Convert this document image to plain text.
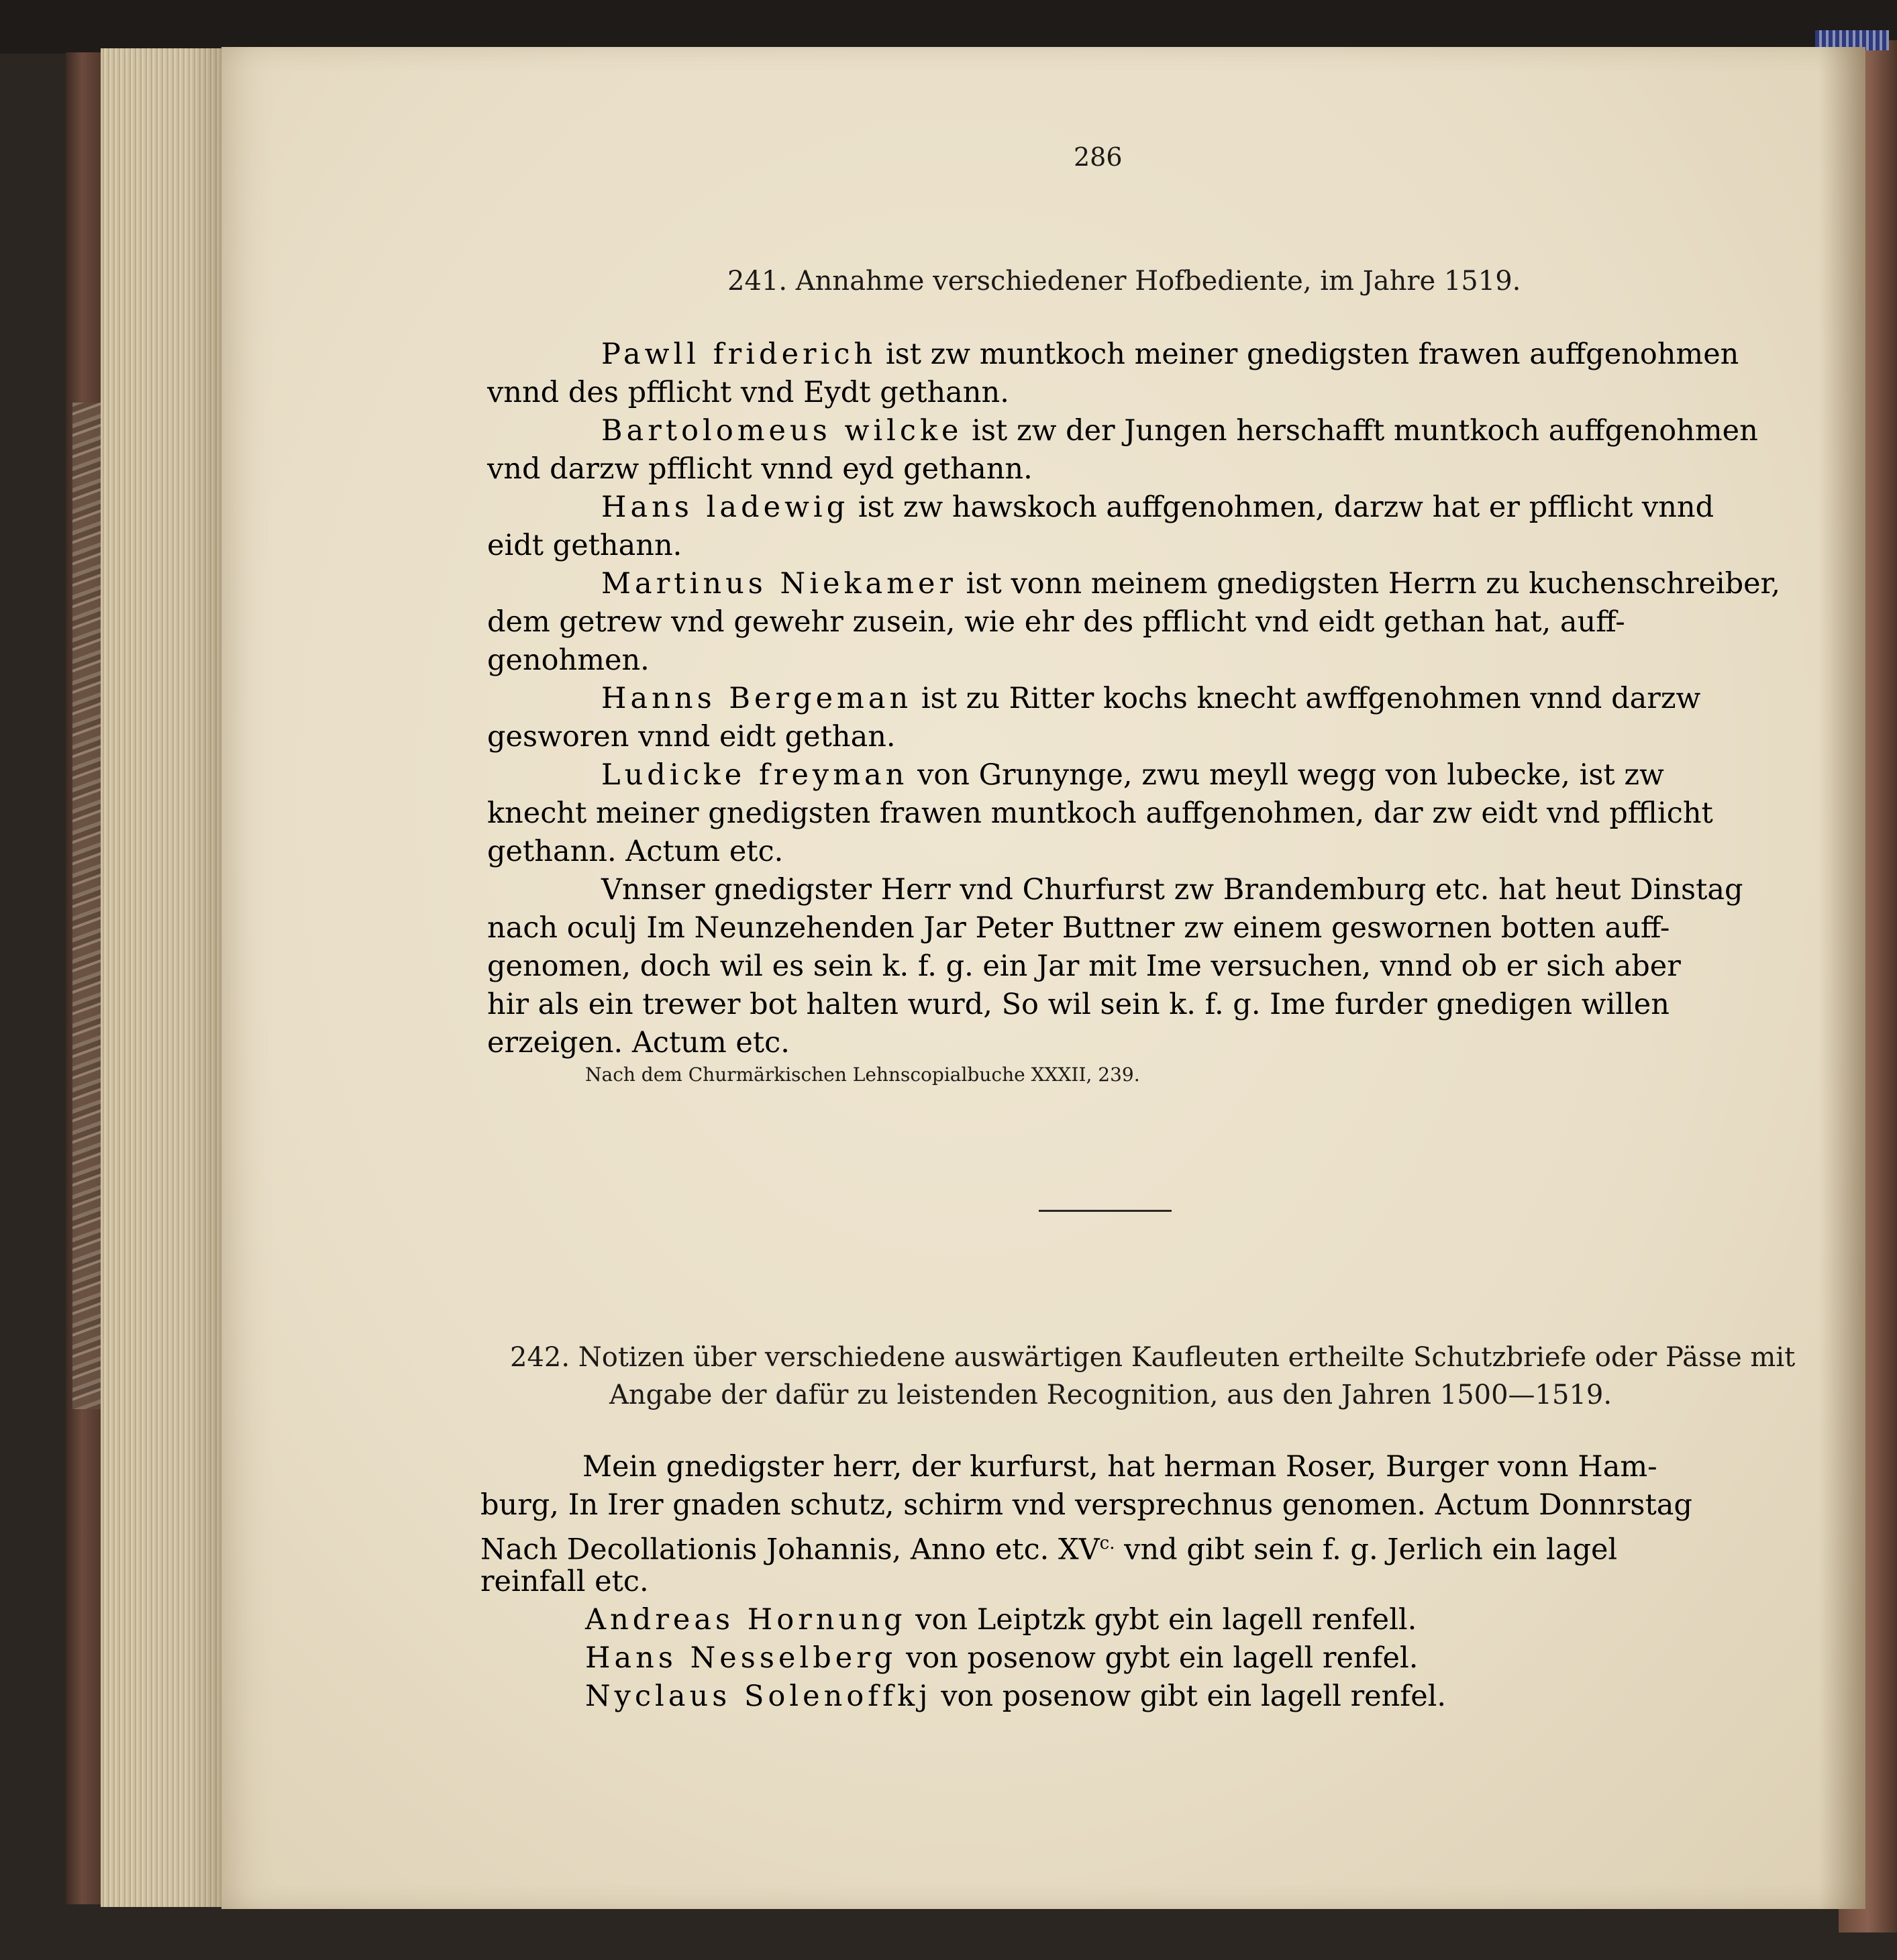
286
241. Annahme verschiedener Hofbediente, im Jahre 1519.
Pawll friderich ist zw muntkoch meiner gnedigsten frawen auffgenohmen
vnnd des pfflicht vnd Eydt gethann.
Bartolomeus wilcke ist zw der Jungen herschafft muntkoch auffgenohmen
vnd darzw pfflicht vnnd eyd gethann.
Hans ladewig ist zw hawskoch auffgenohmen, darzw hat er pfflicht vnnd
eidt gethann.
Martinus Niekamer ist vonn meinem gnedigsten Herrn zu kuchenschreiber,
dem getrew vnd gewehr zusein, wie ehr des pfflicht vnd eidt gethan hat, auff-
genohmen.
Hanns Bergeman ist zu Ritter kochs knecht awffgenohmen vnnd darzw
gesworen vnnd eidt gethan.
Ludicke freyman von Grunynge, zwu meyll wegg von lubecke, ist zw
knecht meiner gnedigsten frawen muntkoch auffgenohmen, dar zw eidt vnd pfflicht
gethann. Actum etc.
Vnnser gnedigster Herr vnd Churfurst zw Brandemburg etc. hat heut Dinstag
nach oculj Im Neunzehenden Jar Peter Buttner zw einem geswornen botten auff-
genomen, doch wil es sein k. f. g. ein Jar mit Ime versuchen, vnnd ob er sich aber
hir als ein trewer bot halten wurd, So wil sein k. f. g. Ime furder gnedigen willen
erzeigen. Actum etc.
Nach dem Churmärkischen Lehnscopialbuche XXXII, 239.
242. Notizen über verschiedene auswärtigen Kaufleuten ertheilte Schutzbriefe oder Pässe mit
Angabe der dafür zu leistenden Recognition, aus den Jahren 1500—1519.
Mein gnedigster herr, der kurfurst, hat herman Roser, Burger vonn Ham-
burg, In Irer gnaden schutz, schirm vnd versprechnus genomen. Actum Donnrstag
Nach Decollationis Johannis, Anno etc. $XV^{c.}$ vnd gibt sein f. g. Jerlich ein lagel
reinfall etc.
Andreas Hornung von Leiptzk gybt ein lagell renfell.
Hans Nesselberg von posenow gybt ein lagell renfel.
Nyclaus Solenoffkj von posenow gibt ein lagell renfel.
